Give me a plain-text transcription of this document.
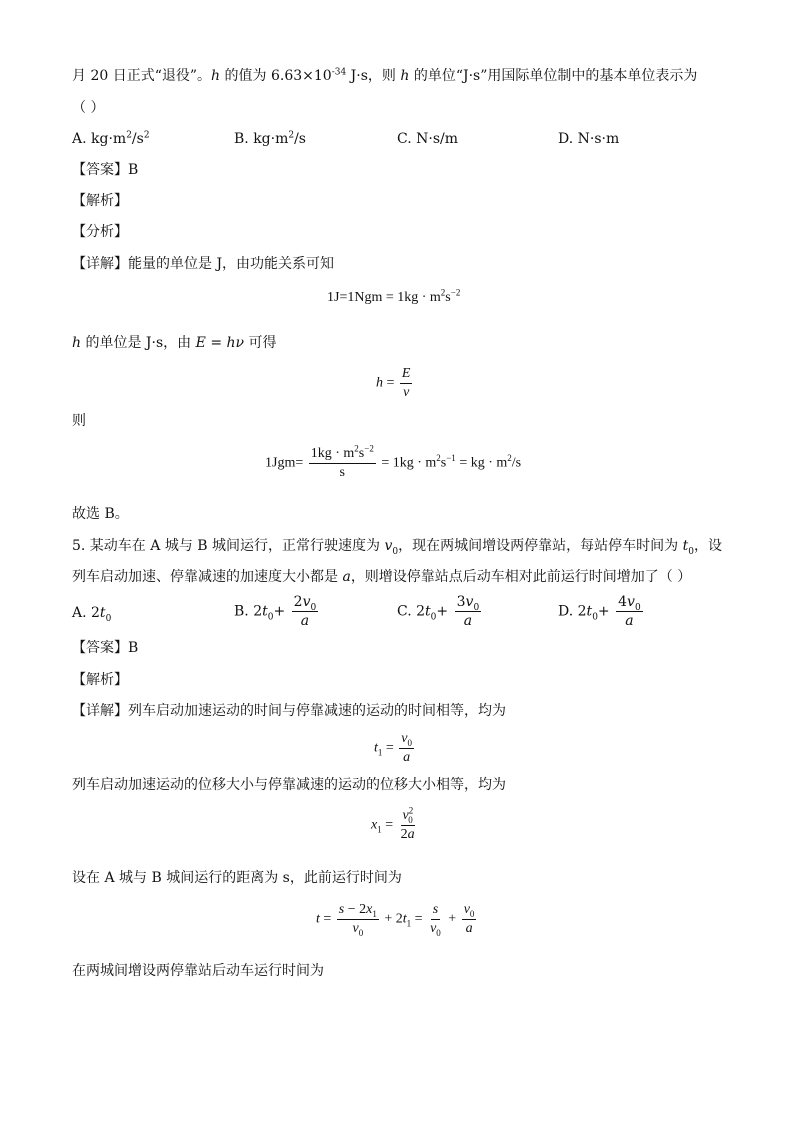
月 20 日正式“退役”。h 的值为 $6.63\times 10^{-34}$ J·s，则 h 的单位“J·s”用国际单位制中的基本单位表示为
（ ）
A. $kg\cdot m^2/s^2$	B. $kg\cdot m^2/s$	C. N·s/m	D. N·s·m
【答案】B
【解析】
【分析】
【详解】能量的单位是 J，由功能关系可知
$1J=1Ngm = 1kg \cdot m^2s^{-2}$
h 的单位是 J·s，由 E = hν 可得
$h = \frac{E}{\nu}$
则
$1Jgm= \frac{1kg \cdot m^2s^{-2}}{s} = 1kg \cdot m^2s^{-1}$ = kg · $m^2/s$
故选 B。
5. 某动车在 A 城与 B 城间运行，正常行驶速度为 $v_0$，现在两城间增设两停靠站，每站停车时间为 $t_0$，设
列车启动加速、停靠减速的加速度大小都是 a，则增设停靠站点后动车相对此前运行时间增加了（ ）
A. $2t_0$	B. $2t_0+ \frac{2v_0}{a}$	C. $2t_0+ \frac{3v_0}{a}$	D. $2t_0+ \frac{4v_0}{a}$
【答案】B
【解析】
【详解】列车启动加速运动的时间与停靠减速的运动的时间相等，均为
$t_1 = \frac{v_0}{a}$
列车启动加速运动的位移大小与停靠减速的运动的位移大小相等，均为
$x_1 = \frac{v^2_0}{2a}$
设在 A 城与 B 城间运行的距离为 s，此前运行时间为
$t = \frac{s - 2x_1}{v_0} + 2t_1 = \frac{s}{v_0} + \frac{v_0}{a}$
在两城间增设两停靠站后动车运行时间为
